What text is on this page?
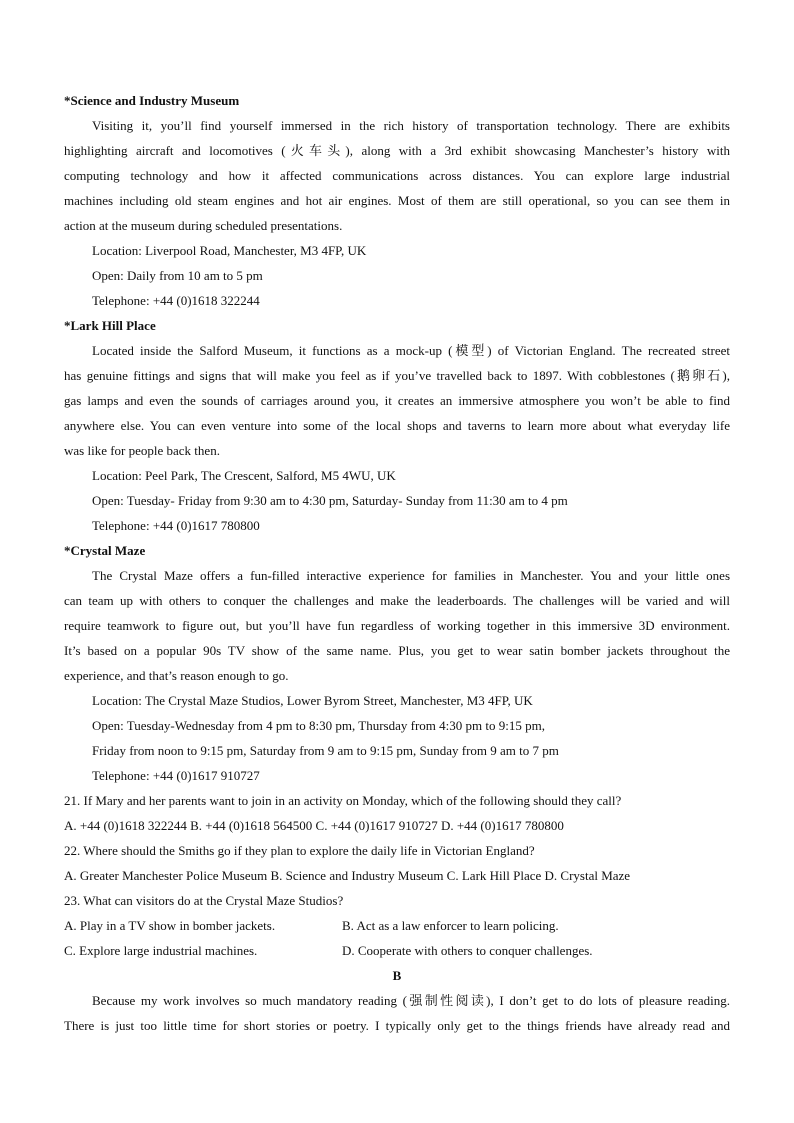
*Science and Industry Museum
Visiting it, you’ll find yourself immersed in the rich history of transportation technology. There are exhibits
highlighting aircraft and locomotives (火车头), along with a 3rd exhibit showcasing Manchester’s history with
computing technology and how it affected communications across distances. You can explore large industrial
machines including old steam engines and hot air engines. Most of them are still operational, so you can see them in
action at the museum during scheduled presentations.
Location: Liverpool Road, Manchester, M3 4FP, UK
Open: Daily from 10 am to 5 pm
Telephone: +44 (0)1618 322244
*Lark Hill Place
Located inside the Salford Museum, it functions as a mock-up (模型) of Victorian England. The recreated street
has genuine fittings and signs that will make you feel as if you’ve travelled back to 1897. With cobblestones (鹅卵石),
gas lamps and even the sounds of carriages around you, it creates an immersive atmosphere you won’t be able to find
anywhere else. You can even venture into some of the local shops and taverns to learn more about what everyday life
was like for people back then.
Location: Peel Park, The Crescent, Salford, M5 4WU, UK
Open: Tuesday- Friday from 9:30 am to 4:30 pm, Saturday- Sunday from 11:30 am to 4 pm
Telephone: +44 (0)1617 780800
*Crystal Maze
The Crystal Maze offers a fun-filled interactive experience for families in Manchester. You and your little ones
can team up with others to conquer the challenges and make the leaderboards. The challenges will be varied and will
require teamwork to figure out, but you’ll have fun regardless of working together in this immersive 3D environment.
It’s based on a popular 90s TV show of the same name. Plus, you get to wear satin bomber jackets throughout the
experience, and that’s reason enough to go.
Location: The Crystal Maze Studios, Lower Byrom Street, Manchester, M3 4FP, UK
Open: Tuesday-Wednesday from 4 pm to 8:30 pm, Thursday from 4:30 pm to 9:15 pm,
Friday from noon to 9:15 pm, Saturday from 9 am to 9:15 pm, Sunday from 9 am to 7 pm
Telephone: +44 (0)1617 910727
21. If Mary and her parents want to join in an activity on Monday, which of the following should they call?
A. +44 (0)1618 322244 B. +44 (0)1618 564500 C. +44 (0)1617 910727 D. +44 (0)1617 780800
22. Where should the Smiths go if they plan to explore the daily life in Victorian England?
A. Greater Manchester Police Museum B. Science and Industry Museum C. Lark Hill Place D. Crystal Maze
23. What can visitors do at the Crystal Maze Studios?
A. Play in a TV show in bomber jackets.	B. Act as a law enforcer to learn policing.
C. Explore large industrial machines.	D. Cooperate with others to conquer challenges.
B
Because my work involves so much mandatory reading (强制性阅读), I don’t get to do lots of pleasure reading.
There is just too little time for short stories or poetry. I typically only get to the things friends have already read and
